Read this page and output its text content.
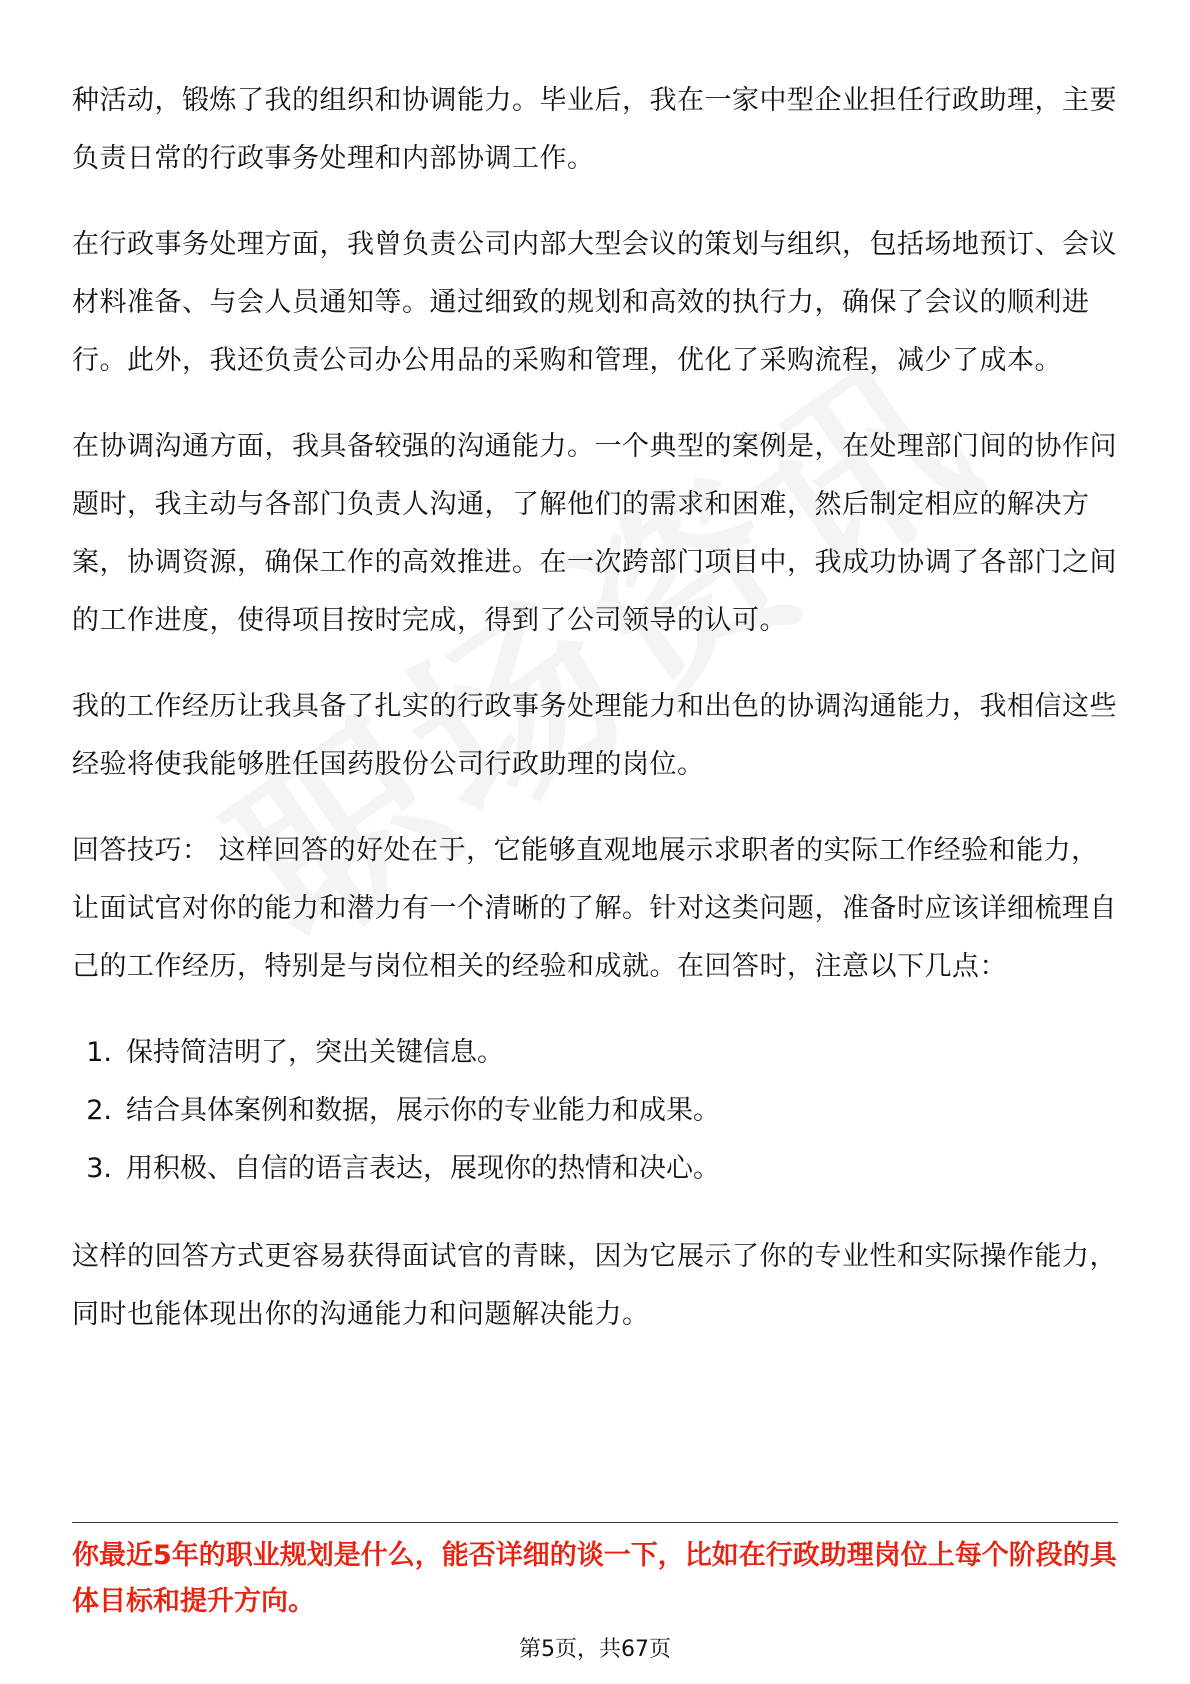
种活动，锻炼了我的组织和协调能力。毕业后，我在一家中型企业担任行政助理，主要负责日常的行政事务处理和内部协调工作。

在行政事务处理方面，我曾负责公司内部大型会议的策划与组织，包括场地预订、会议材料准备、与会人员通知等。通过细致的规划和高效的执行力，确保了会议的顺利进行。此外，我还负责公司办公用品的采购和管理，优化了采购流程，减少了成本。

在协调沟通方面，我具备较强的沟通能力。一个典型的案例是，在处理部门间的协作问题时，我主动与各部门负责人沟通，了解他们的需求和困难，然后制定相应的解决方案，协调资源，确保工作的高效推进。在一次跨部门项目中，我成功协调了各部门之间的工作进度，使得项目按时完成，得到了公司领导的认可。

我的工作经历让我具备了扎实的行政事务处理能力和出色的协调沟通能力，我相信这些经验将使我能够胜任国药股份公司行政助理的岗位。

回答技巧： 这样回答的好处在于，它能够直观地展示求职者的实际工作经验和能力，让面试官对你的能力和潜力有一个清晰的了解。针对这类问题，准备时应该详细梳理自己的工作经历，特别是与岗位相关的经验和成就。在回答时，注意以下几点：

1. 保持简洁明了，突出关键信息。
2. 结合具体案例和数据，展示你的专业能力和成果。
3. 用积极、自信的语言表达，展现你的热情和决心。

这样的回答方式更容易获得面试官的青睐，因为它展示了你的专业性和实际操作能力，同时也能体现出你的沟通能力和问题解决能力。

你最近5年的职业规划是什么，能否详细的谈一下，比如在行政助理岗位上每个阶段的具体目标和提升方向。

第5页，共67页
